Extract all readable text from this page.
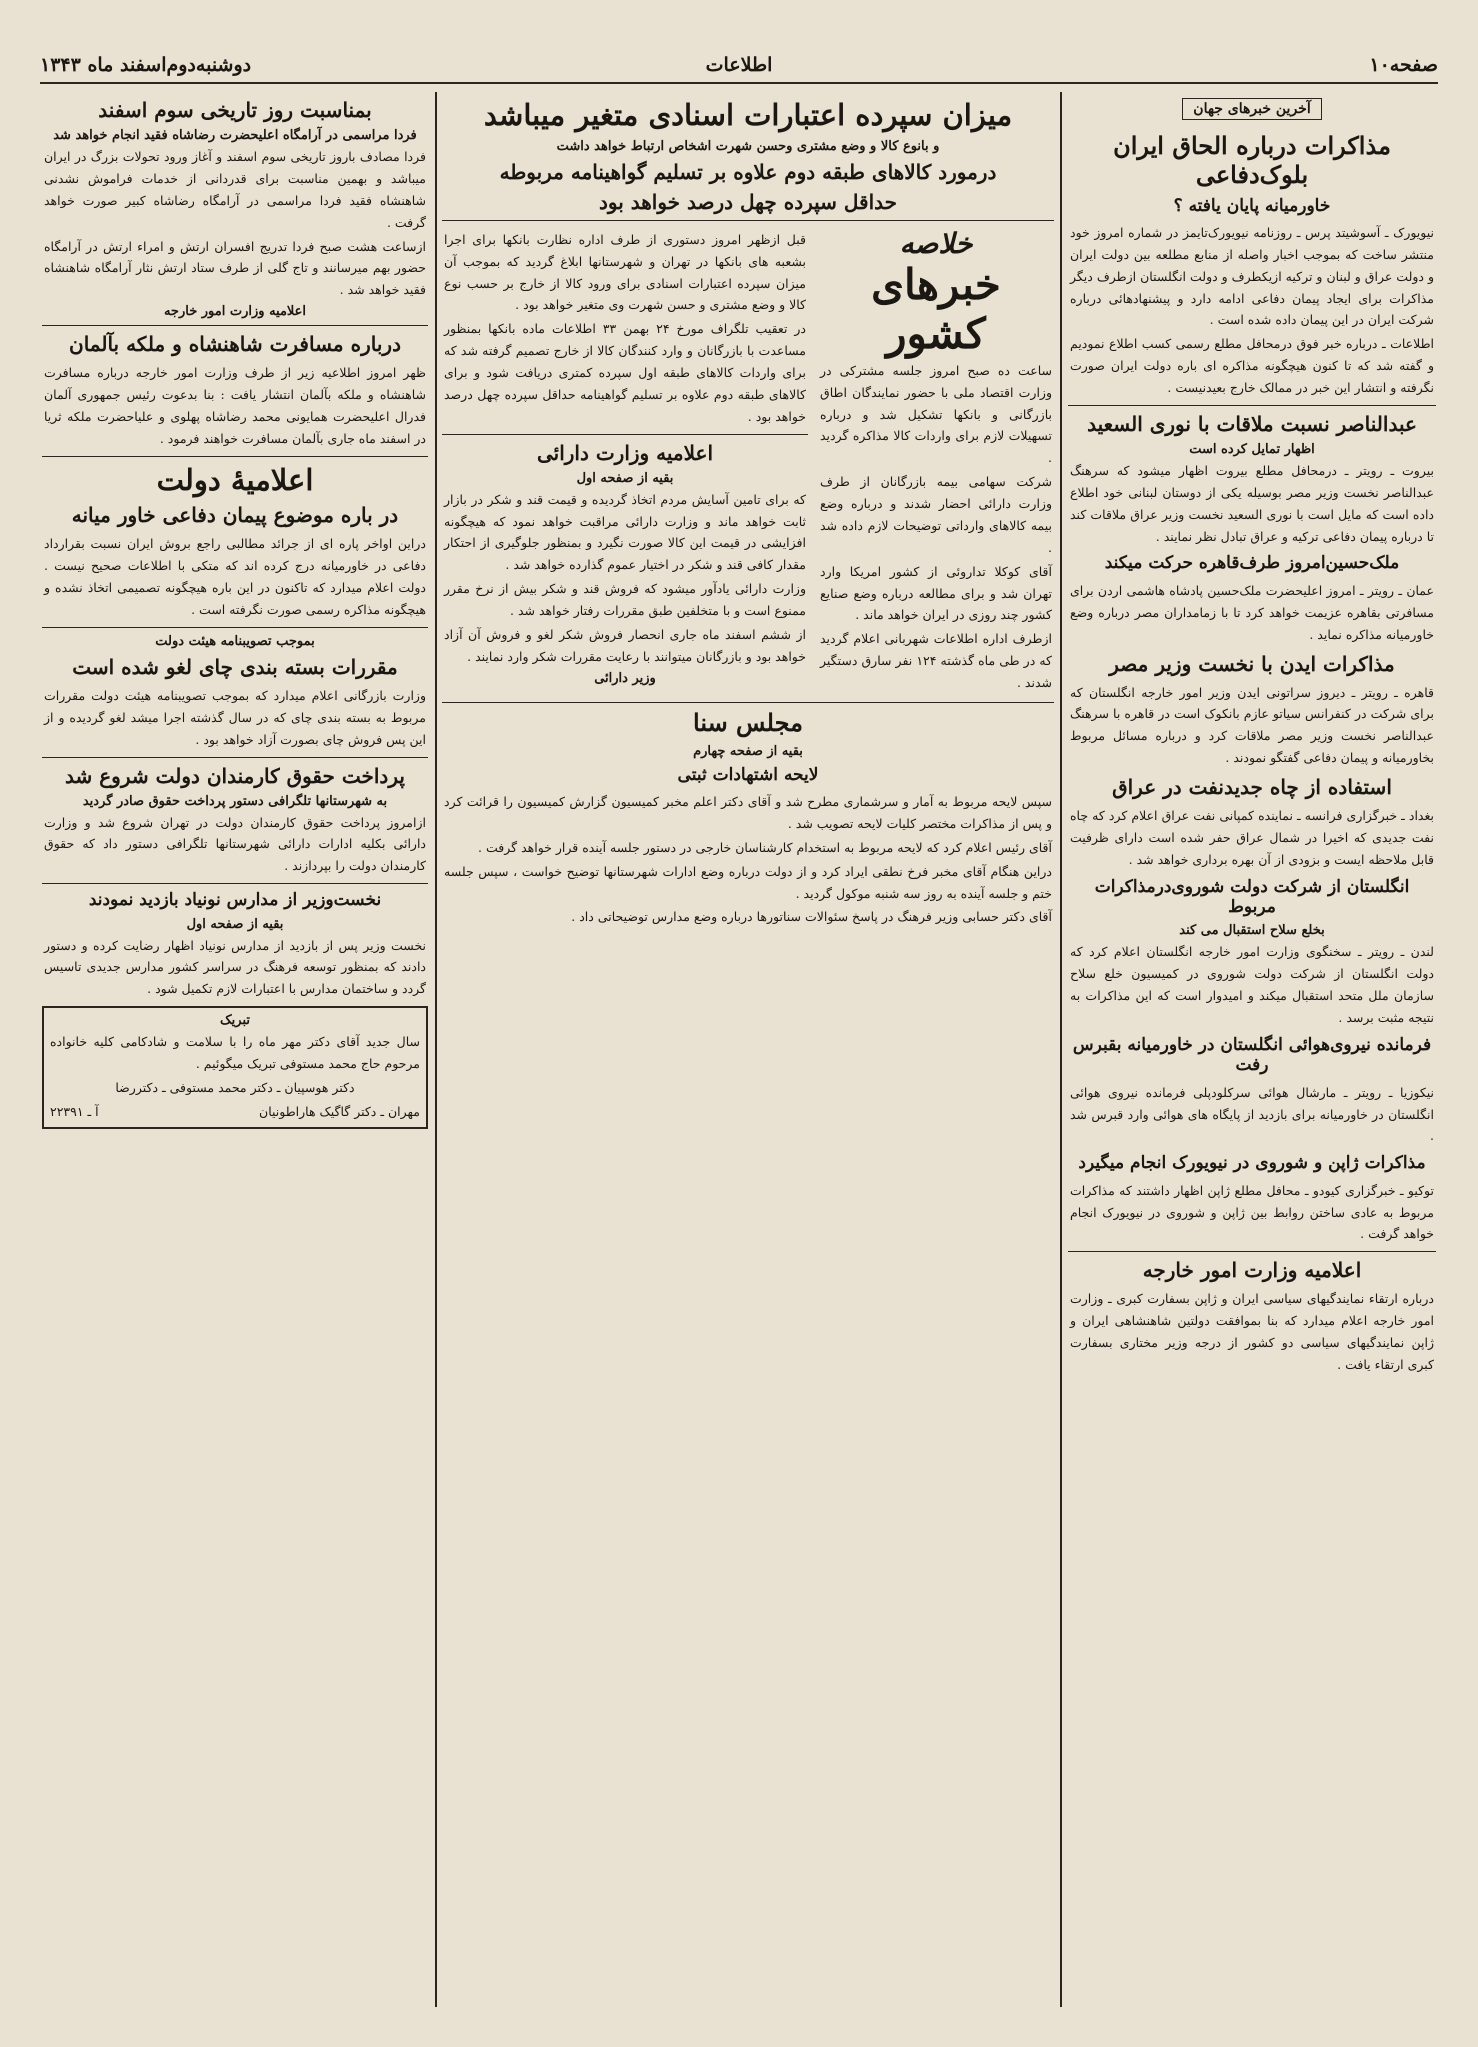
صفحه۱۰
اطلاعات
دوشنبه‌دوم‌اسفند ماه ۱۳۴۳
آخرین خبرهای جهان
مذاکرات درباره الحاق ایران بلوک‌دفاعی
خاورمیانه پایان یافته ؟
نیویورک ـ آسوشیتد پرس ـ روزنامه نیویورک‌تایمز در شماره امروز خود منتشر ساخت که بموجب اخبار واصله از منابع مطلعه بین دولت ایران و دولت عراق و لبنان و ترکیه ازیکطرف و دولت انگلستان ازطرف دیگر مذاکرات برای ایجاد پیمان دفاعی ادامه دارد و پیشنهادهائی درباره شرکت ایران در این پیمان داده شده است .
اطلاعات ـ درباره خبر فوق درمحافل مطلع رسمی کسب اطلاع نمودیم و گفته شد که تا کنون هیچگونه مذاکره ای باره دولت ایران صورت نگرفته و انتشار این خبر در ممالک خارج بعیدنیست .
عبدالناصر نسبت ملاقات با نوری السعید
اظهار تمایل کرده است
بیروت ـ رویتر ـ درمحافل مطلع بیروت اظهار میشود که سرهنگ عبدالناصر نخست وزیر مصر بوسیله یکی از دوستان لبنانی خود اطلاع داده است که مایل است با نوری السعید نخست وزیر عراق ملاقات کند تا درباره پیمان دفاعی ترکیه و عراق تبادل نظر نمایند .
ملک‌حسین‌امروز طرف‌قاهره‌ حرکت میکند
عمان ـ رویتر ـ امروز اعلیحضرت ملک‌حسین پادشاه هاشمی اردن برای مسافرتی بقاهره عزیمت خواهد کرد تا با زمامداران مصر درباره وضع خاورمیانه مذاکره نماید .
مذاکرات ایدن با نخست وزیر مصر
قاهره ـ رویتر ـ دیروز سراتونی ایدن وزیر امور خارجه انگلستان که برای شرکت در کنفرانس سیاتو عازم بانکوک است در قاهره با سرهنگ عبدالناصر نخست وزیر مصر ملاقات کرد و درباره مسائل مربوط بخاورمیانه و پیمان دفاعی گفتگو نمودند .
استفاده از چاه جدیدنفت در عراق
بغداد ـ خبرگزاری فرانسه ـ نماینده کمپانی نفت عراق اعلام کرد که چاه نفت جدیدی که اخیرا در شمال عراق حفر شده است دارای ظرفیت قابل ملاحظه ایست و بزودی از آن بهره برداری خواهد شد .
انگلستان از شرکت دولت شوروی‌در‌مذاکرات مربوط
بخلع سلاح استقبال می کند
لندن ـ رویتر ـ سخنگوی وزارت امور خارجه انگلستان اعلام کرد که دولت انگلستان از شرکت دولت شوروی در کمیسیون خلع سلاح سازمان ملل متحد استقبال میکند و امیدوار است که این مذاکرات به نتیجه مثبت برسد .
فرمانده نیروی‌هوائی انگلستان در خاورمیانه بقبرس رفت
نیکوزیا ـ رویتر ـ مارشال هوائی سرکلودپلی فرمانده نیروی هوائی انگلستان در خاورمیانه برای بازدید از پایگاه های هوائی وارد قبرس شد .
مذاکرات ژاپن و شوروی در نیویورک انجام میگیرد
توکیو ـ خبرگزاری کیودو ـ محافل مطلع ژاپن اظهار داشتند که مذاکرات مربوط به عادی ساختن روابط بین ژاپن و شوروی در نیویورک انجام خواهد گرفت .
اعلامیه وزارت امور خارجه
درباره ارتقاء نمایندگیهای سیاسی ایران و ژاپن بسفارت کبری ـ وزارت امور خارجه اعلام میدارد که بنا بموافقت دولتین شاهنشاهی ایران و ژاپن نمایندگیهای سیاسی دو کشور از درجه وزیر مختاری بسفارت کبری ارتقاء یافت .
میزان سپرده اعتبارات اسنادی متغیر میباشد
و بانوع کالا و وضع مشتری وحسن شهرت اشخاص ارتباط خواهد داشت
درمورد کالاهای طبقه دوم علاوه بر تسلیم گواهینامه مربوطه
حداقل سپرده چهل درصد خواهد بود
خلاصه
خبرهای کشور
ساعت ده صبح امروز جلسه مشترکی در وزارت اقتصاد ملی با حضور نمایندگان اطاق بازرگانی و بانکها تشکیل شد و درباره تسهیلات لازم برای واردات کالا مذاکره گردید .
شرکت سهامی بیمه بازرگانان از طرف وزارت دارائی احضار شدند و درباره وضع بیمه کالاهای وارداتی توضیحات لازم داده شد .
آقای کوکلا تداروئی از کشور امریکا وارد تهران شد و برای مطالعه درباره وضع صنایع کشور چند روزی در ایران خواهد ماند .
ازطرف اداره اطلاعات شهربانی اعلام گردید که در طی ماه گذشته ۱۲۴ نفر سارق دستگیر شدند .
قبل ازظهر امروز دستوری از طرف اداره نظارت بانکها برای اجرا بشعبه های بانکها در تهران و شهرستانها ابلاغ گردید که بموجب آن میزان سپرده اعتبارات اسنادی برای ورود کالا از خارج بر حسب نوع کالا و وضع مشتری و حسن شهرت وی متغیر خواهد بود .
در تعقیب تلگراف مورخ ۲۴ بهمن ۳۳ اطلاعات ماده بانکها بمنظور مساعدت با بازرگانان و وارد کنندگان کالا از خارج تصمیم گرفته شد که برای واردات کالاهای طبقه اول سپرده کمتری دریافت شود و برای کالاهای طبقه دوم علاوه بر تسلیم گواهینامه حداقل سپرده چهل درصد خواهد بود .
اعلامیه وزارت دارائی
بقیه از صفحه اول
که برای تامین آسایش مردم اتخاذ گردیده و قیمت قند و شکر در بازار ثابت خواهد ماند و وزارت دارائی مراقبت خواهد نمود که هیچگونه افزایشی در قیمت این کالا صورت نگیرد و بمنظور جلوگیری از احتکار مقدار کافی قند و شکر در اختیار عموم گذارده خواهد شد .
وزارت دارائی یادآور میشود که فروش قند و شکر بیش از نرخ مقرر ممنوع است و با متخلفین طبق مقررات رفتار خواهد شد .
از ششم اسفند ماه جاری انحصار فروش شکر لغو و فروش آن آزاد خواهد بود و بازرگانان میتوانند با رعایت مقررات شکر وارد نمایند .
وزیر دارائی
مجلس سنا
بقیه از صفحه چهارم
لایحه اشتهادات ثبتی
سپس لایحه مربوط به آمار و سرشماری مطرح شد و آقای دکتر اعلم مخبر کمیسیون گزارش کمیسیون را قرائت کرد و پس از مذاکرات مختصر کلیات لایحه تصویب شد .
آقای رئیس اعلام کرد که لایحه مربوط به استخدام کارشناسان خارجی در دستور جلسه آینده قرار خواهد گرفت .
دراین هنگام آقای مخبر فرخ نطقی ایراد کرد و از دولت درباره وضع ادارات شهرستانها توضیح خواست ، سپس جلسه ختم و جلسه آینده به روز سه شنبه موکول گردید .
آقای دکتر حسابی وزیر فرهنگ در پاسخ سئوالات سناتورها درباره وضع مدارس توضیحاتی داد .
بمناسبت روز تاریخی سوم اسفند
فردا مراسمی در آرامگاه اعلیحضرت رضاشاه فقید انجام خواهد شد
فردا مصادف باروز تاریخی سوم اسفند و آغاز ورود تحولات بزرگ در ایران میباشد و بهمین مناسبت برای قدردانی از خدمات فراموش نشدنی شاهنشاه فقید فردا مراسمی در آرامگاه رضاشاه کبیر صورت خواهد گرفت .
ازساعت هشت صبح فردا تدریج افسران ارتش و امراء ارتش در آرامگاه حضور بهم میرسانند و تاج گلی از طرف ستاد ارتش نثار آرامگاه شاهنشاه فقید خواهد شد .
اعلامیه وزارت امور خارجه
درباره مسافرت شاهنشاه و ملکه بآلمان
ظهر امروز اطلاعیه زیر از طرف وزارت امور خارجه درباره مسافرت شاهنشاه و ملکه بآلمان انتشار یافت : بنا بدعوت رئیس جمهوری آلمان فدرال اعلیحضرت همایونی محمد رضاشاه پهلوی و علیاحضرت ملکه ثریا در اسفند ماه جاری بآلمان مسافرت خواهند فرمود .
اعلامیهٔ دولت
در باره موضوع پیمان دفاعی خاور میانه
دراین اواخر پاره ای از جرائد مطالبی راجع بروش ایران نسبت بقرارداد دفاعی در خاورمیانه درج کرده اند که متکی با اطلاعات صحیح نیست . دولت اعلام میدارد که تاکنون در این باره هیچگونه تصمیمی اتخاذ نشده و هیچگونه مذاکره رسمی صورت نگرفته است .
بموجب تصویبنامه هیئت دولت
مقررات بسته بندی چای لغو شده است
وزارت بازرگانی اعلام میدارد که بموجب تصویبنامه هیئت دولت مقررات مربوط به بسته بندی چای که در سال گذشته اجرا میشد لغو گردیده و از این پس فروش چای بصورت آزاد خواهد بود .
پرداخت حقوق کارمندان دولت شروع شد
به شهرستانها تلگرافی دستور پرداخت حقوق صادر گردید
ازامروز پرداخت حقوق کارمندان دولت در تهران شروع شد و وزارت دارائی بکلیه ادارات دارائی شهرستانها تلگرافی دستور داد که حقوق کارمندان دولت را بپردازند .
نخست‌وزیر از مدارس نونیاد بازدید نمودند
بقیه از صفحه اول
نخست وزیر پس از بازدید از مدارس نونیاد اظهار رضایت کرده و دستور دادند که بمنظور توسعه فرهنگ در سراسر کشور مدارس جدیدی تاسیس گردد و ساختمان مدارس با اعتبارات لازم تکمیل شود .
تبریک
سال جدید آقای دکتر مهر ماه را با سلامت و شادکامی کلیه خانواده مرحوم حاج محمد مستوفی تبریک میگوئیم .
دکتر هوسپیان ـ دکتر محمد مستوفی ـ دکتررضا
مهران ـ دکتر گاگیک هاراطونیان
آ ـ ۲۲۳۹۱
